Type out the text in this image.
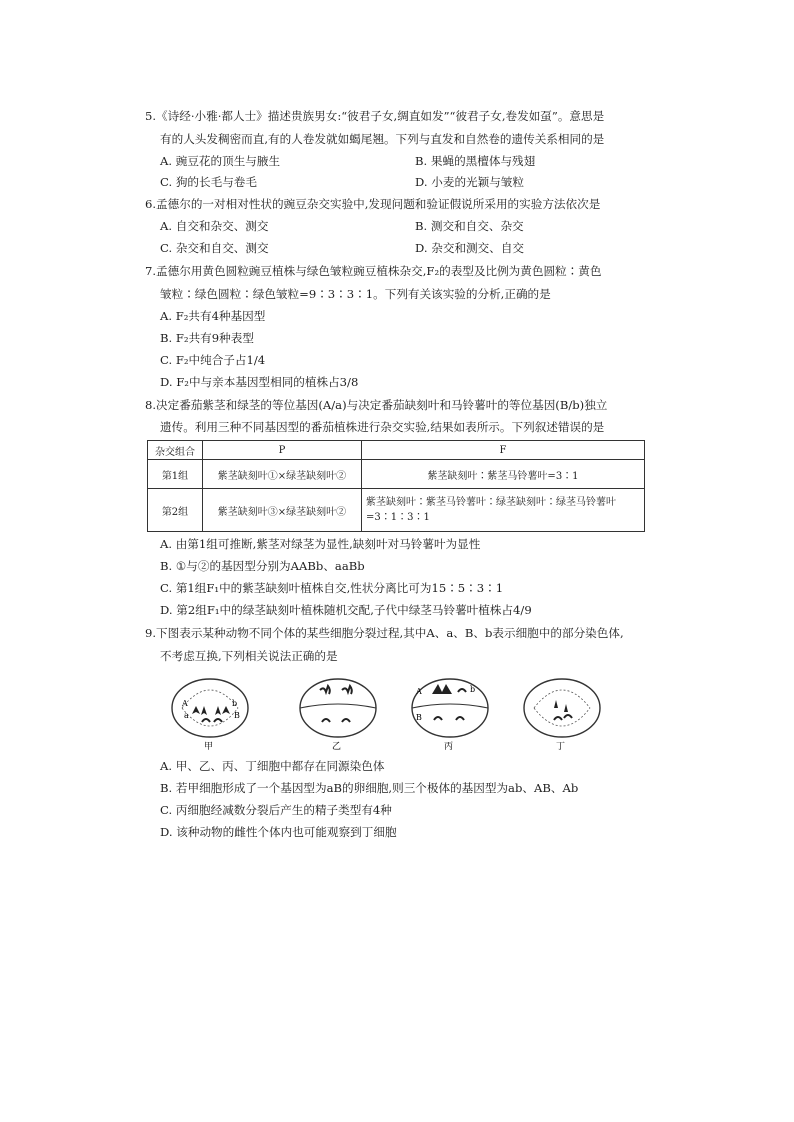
5.《诗经·小雅·都人士》描述贵族男女:“彼君子女,绸直如发”“彼君子女,卷发如虿”。意思是
有的人头发稠密而直,有的人卷发就如蝎尾翘。下列与直发和自然卷的遗传关系相同的是
A. 豌豆花的顶生与腋生	B. 果蝇的黑檀体与残翅
C. 狗的长毛与卷毛	D. 小麦的光颖与皱粒
6.孟德尔的一对相对性状的豌豆杂交实验中,发现问题和验证假说所采用的实验方法依次是
A. 自交和杂交、测交	B. 测交和自交、杂交
C. 杂交和自交、测交	D. 杂交和测交、自交
7.孟德尔用黄色圆粒豌豆植株与绿色皱粒豌豆植株杂交,F₂的表型及比例为黄色圆粒∶黄色
皱粒∶绿色圆粒∶绿色皱粒=9∶3∶3∶1。下列有关该实验的分析,正确的是
A. F₂共有4种基因型
B. F₂共有9种表型
C. F₂中纯合子占1/4
D. F₂中与亲本基因型相同的植株占3/8
8.决定番茄紫茎和绿茎的等位基因(A/a)与决定番茄缺刻叶和马铃薯叶的等位基因(B/b)独立
遗传。利用三种不同基因型的番茄植株进行杂交实验,结果如表所示。下列叙述错误的是
杂交组合	P	F
第1组	紫茎缺刻叶①×绿茎缺刻叶②	紫茎缺刻叶∶紫茎马铃薯叶=3∶1
第2组	紫茎缺刻叶③×绿茎缺刻叶②	紫茎缺刻叶∶紫茎马铃薯叶∶绿茎缺刻叶∶绿茎马铃薯叶=3∶1∶3∶1
A. 由第1组可推断,紫茎对绿茎为显性,缺刻叶对马铃薯叶为显性
B. ①与②的基因型分别为AABb、aaBb
C. 第1组F₁中的紫茎缺刻叶植株自交,性状分离比可为15∶5∶3∶1
D. 第2组F₁中的绿茎缺刻叶植株随机交配,子代中绿茎马铃薯叶植株占4/9
9.下图表示某种动物不同个体的某些细胞分裂过程,其中A、a、B、b表示细胞中的部分染色体,
不考虑互换,下列相关说法正确的是
A
a
b
B
甲	乙
A
B
b
丙	丁
A. 甲、乙、丙、丁细胞中都存在同源染色体
B. 若甲细胞形成了一个基因型为aB的卵细胞,则三个极体的基因型为ab、AB、Ab
C. 丙细胞经减数分裂后产生的精子类型有4种
D. 该种动物的雌性个体内也可能观察到丁细胞
